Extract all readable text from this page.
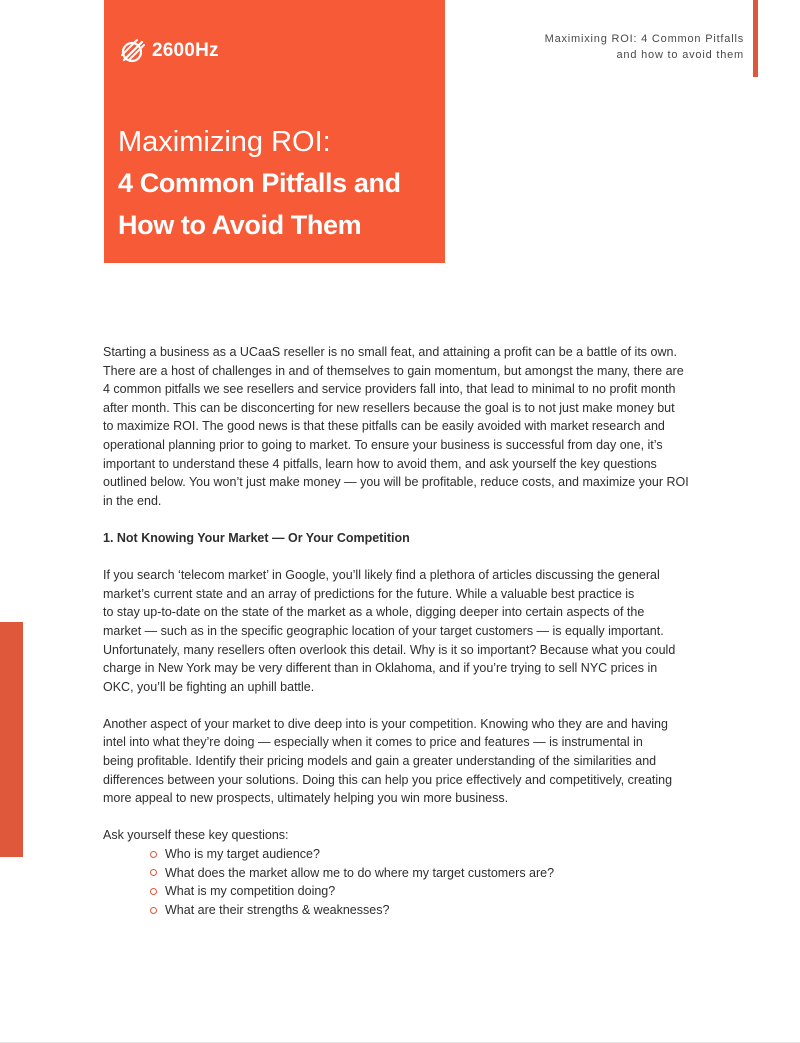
2600Hz
Maximizing ROI:
4 Common Pitfalls and
How to Avoid Them
Maximixing ROI: 4 Common Pitfalls
and how to avoid them

Starting a business as a UCaaS reseller is no small feat, and attaining a profit can be a battle of its own.

There are a host of challenges in and of themselves to gain momentum, but amongst the many, there are

4 common pitfalls we see resellers and service providers fall into, that lead to minimal to no profit month

after month. This can be disconcerting for new resellers because the goal is to not just make money but

to maximize ROI. The good news is that these pitfalls can be easily avoided with market research and

operational planning prior to going to market. To ensure your business is successful from day one, it’s

important to understand these 4 pitfalls, learn how to avoid them, and ask yourself the key questions

outlined below. You won’t just make money — you will be profitable, reduce costs, and maximize your ROI

in the end.

1. Not Knowing Your Market — Or Your Competition

If you search ‘telecom market’ in Google, you’ll likely find a plethora of articles discussing the general

market’s current state and an array of predictions for the future. While a valuable best practice is

to stay up-to-date on the state of the market as a whole, digging deeper into certain aspects of the

market — such as in the specific geographic location of your target customers — is equally important.

Unfortunately, many resellers often overlook this detail. Why is it so important? Because what you could

charge in New York may be very different than in Oklahoma, and if you’re trying to sell NYC prices in

OKC, you’ll be fighting an uphill battle.

Another aspect of your market to dive deep into is your competition. Knowing who they are and having

intel into what they’re doing — especially when it comes to price and features — is instrumental in

being profitable. Identify their pricing models and gain a greater understanding of the similarities and

differences between your solutions. Doing this can help you price effectively and competitively, creating

more appeal to new prospects, ultimately helping you win more business.

Ask yourself these key questions:

Who is my target audience?
What does the market allow me to do where my target customers are?
What is my competition doing?
What are their strengths & weaknesses?
